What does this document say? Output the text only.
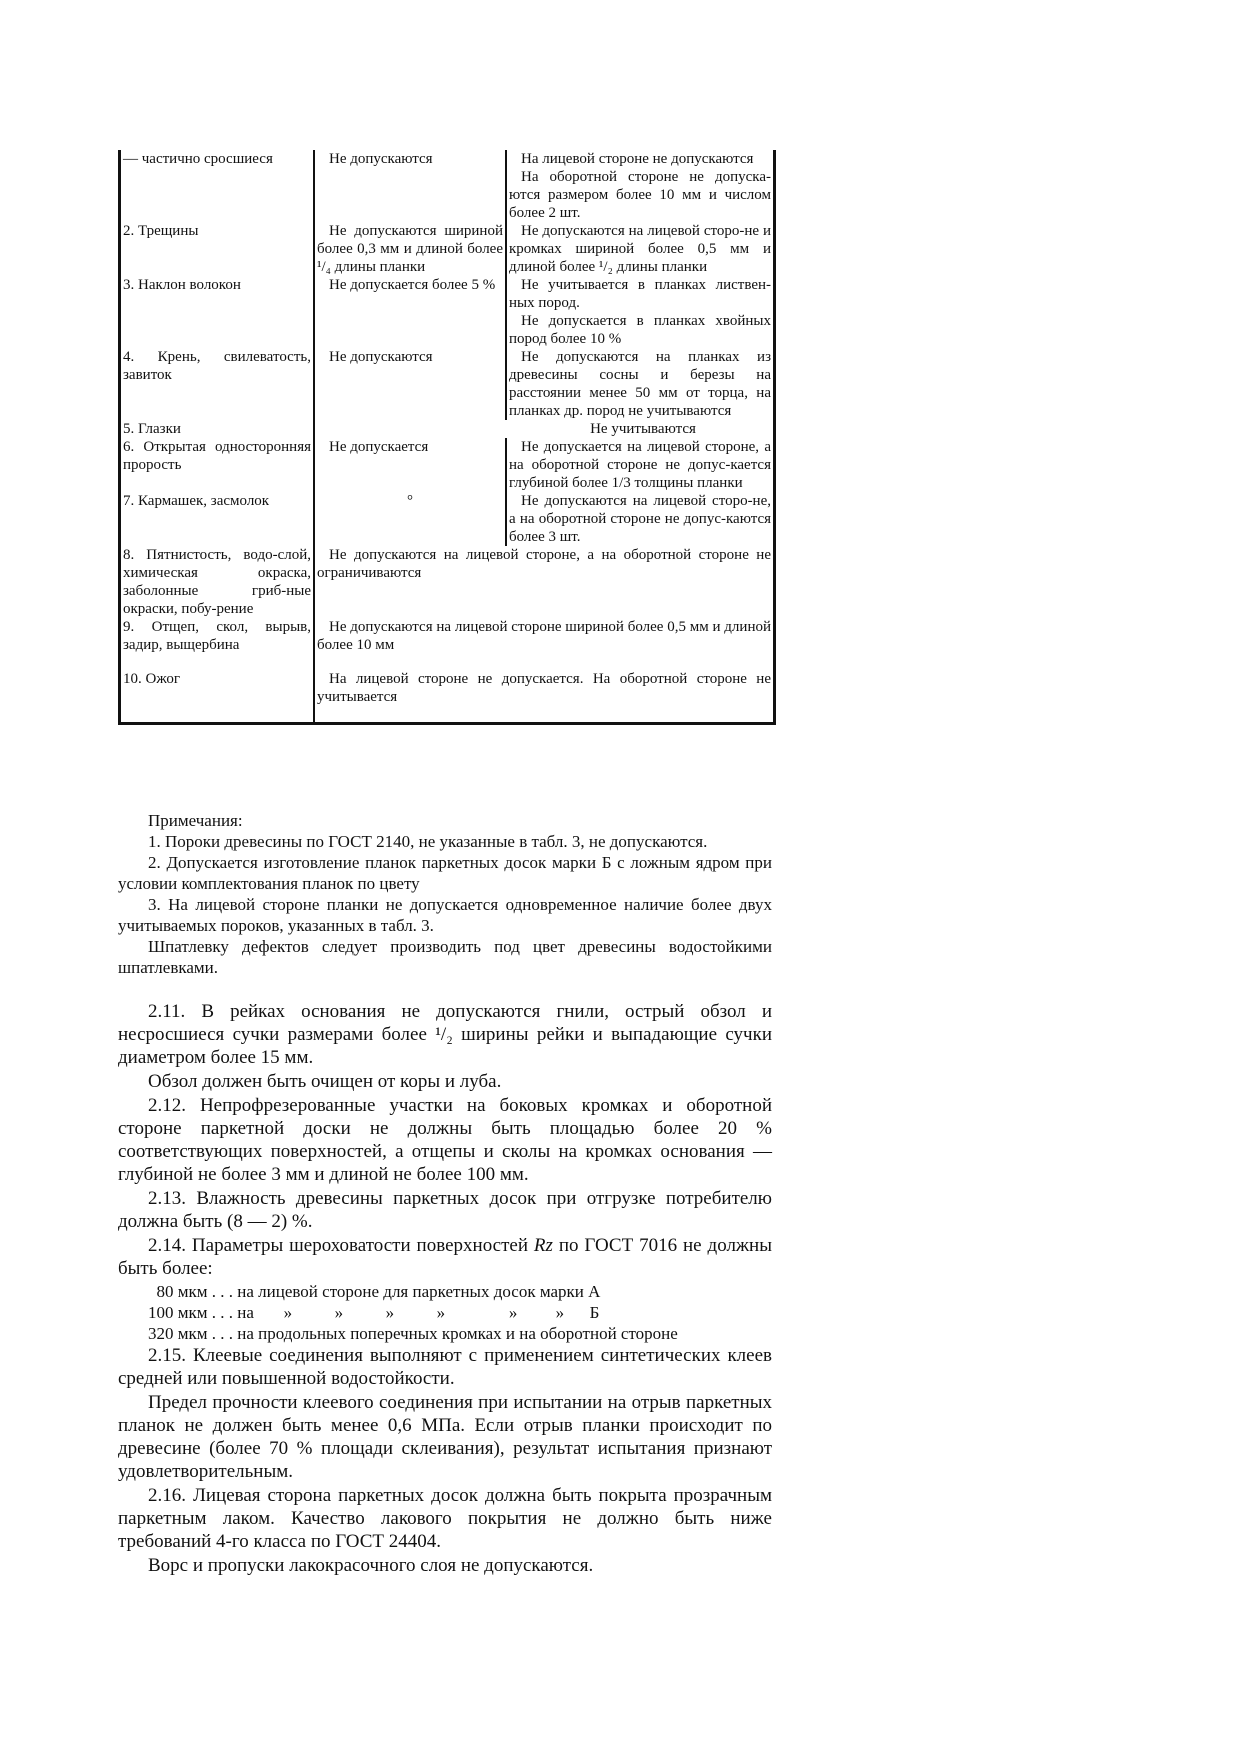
— частично сросшиеся	Не допускаются	На лицевой стороне не допускаются
На оборотной стороне не допуска-ются размером более 10 мм и числом более 2 шт.

2. Трещины	Не допускаются шириной более 0,3 мм и длиной более ¹/₄ длины планки	Не допускаются на лицевой сторо-не и кромках шириной более 0,5 мм и длиной более ¹/₂ длины планки
3. Наклон волокон	Не допускается более 5 %	Не учитывается в планках листвен-ных пород.
Не допускается в планках хвойных пород более 10 %

4. Крень, свилеватость, завиток	Не допускаются	Не допускаются на планках из древесины сосны и березы на расстоянии менее 50 мм от торца, на планках др. пород не учитываются
5. Глазки	Не учитываются	
6. Открытая односторонняя прорость	Не допускается	Не допускается на лицевой стороне, а на оборотной стороне не допус-кается глубиной более 1/3 толщины планки
7. Кармашек, засмолок	°	Не допускаются на лицевой сторо-не, а на оборотной стороне не допус-каются более 3 шт.
8. Пятнистость, водо-слой, химическая окраска, заболонные гриб-ные окраски, побу-рение	Не допускаются на лицевой стороне, а на оборотной стороне не ограничиваются	
9. Отщеп, скол, вырыв, задир, выщербина	Не допускаются на лицевой стороне шириной более 0,5 мм и длиной более 10 мм	
10. Ожог	На лицевой стороне не допускается. На оборотной стороне не учитывается	

Примечания:

1. Пороки древесины по ГОСТ 2140, не указанные в табл. 3, не допускаются.

2. Допускается изготовление планок паркетных досок марки Б с ложным ядром при условии комплектования планок по цвету

3. На лицевой стороне планки не допускается одновременное наличие более двух учитываемых пороков, указанных в табл. 3.

Шпатлевку дефектов следует производить под цвет древесины водостойкими шпатлевками.

2.11. В рейках основания не допускаются гнили, острый обзол и несросшиеся сучки размерами более ¹/₂ ширины рейки и выпадающие сучки диаметром более 15 мм.

Обзол должен быть очищен от коры и луба.

2.12. Непрофрезерованные участки на боковых кромках и оборотной стороне паркетной доски не должны быть площадью более 20 % соответствующих поверхностей, а отщепы и сколы на кромках основания — глубиной не более 3 мм и длиной не более 100 мм.

2.13. Влажность древесины паркетных досок при отгрузке потребителю должна быть (8 — 2) %.

2.14. Параметры шероховатости поверхностей Rz по ГОСТ 7016 не должны быть более:

80 мкм . . . на лицевой стороне для паркетных досок марки А
100 мкм . . . на       »          »          »          »               »         »      Б
320 мкм . . . на продольных поперечных кромках и на оборотной стороне

2.15. Клеевые соединения выполняют с применением синтетических клеев средней или повышенной водостойкости.

Предел прочности клеевого соединения при испытании на отрыв паркетных планок не должен быть менее 0,6 МПа. Если отрыв планки происходит по древесине (более 70 % площади склеивания), результат испытания признают удовлетворительным.

2.16. Лицевая сторона паркетных досок должна быть покрыта прозрачным паркетным лаком. Качество лакового покрытия не должно быть ниже требований 4-го класса по ГОСТ 24404.

Ворс и пропуски лакокрасочного слоя не допускаются.
